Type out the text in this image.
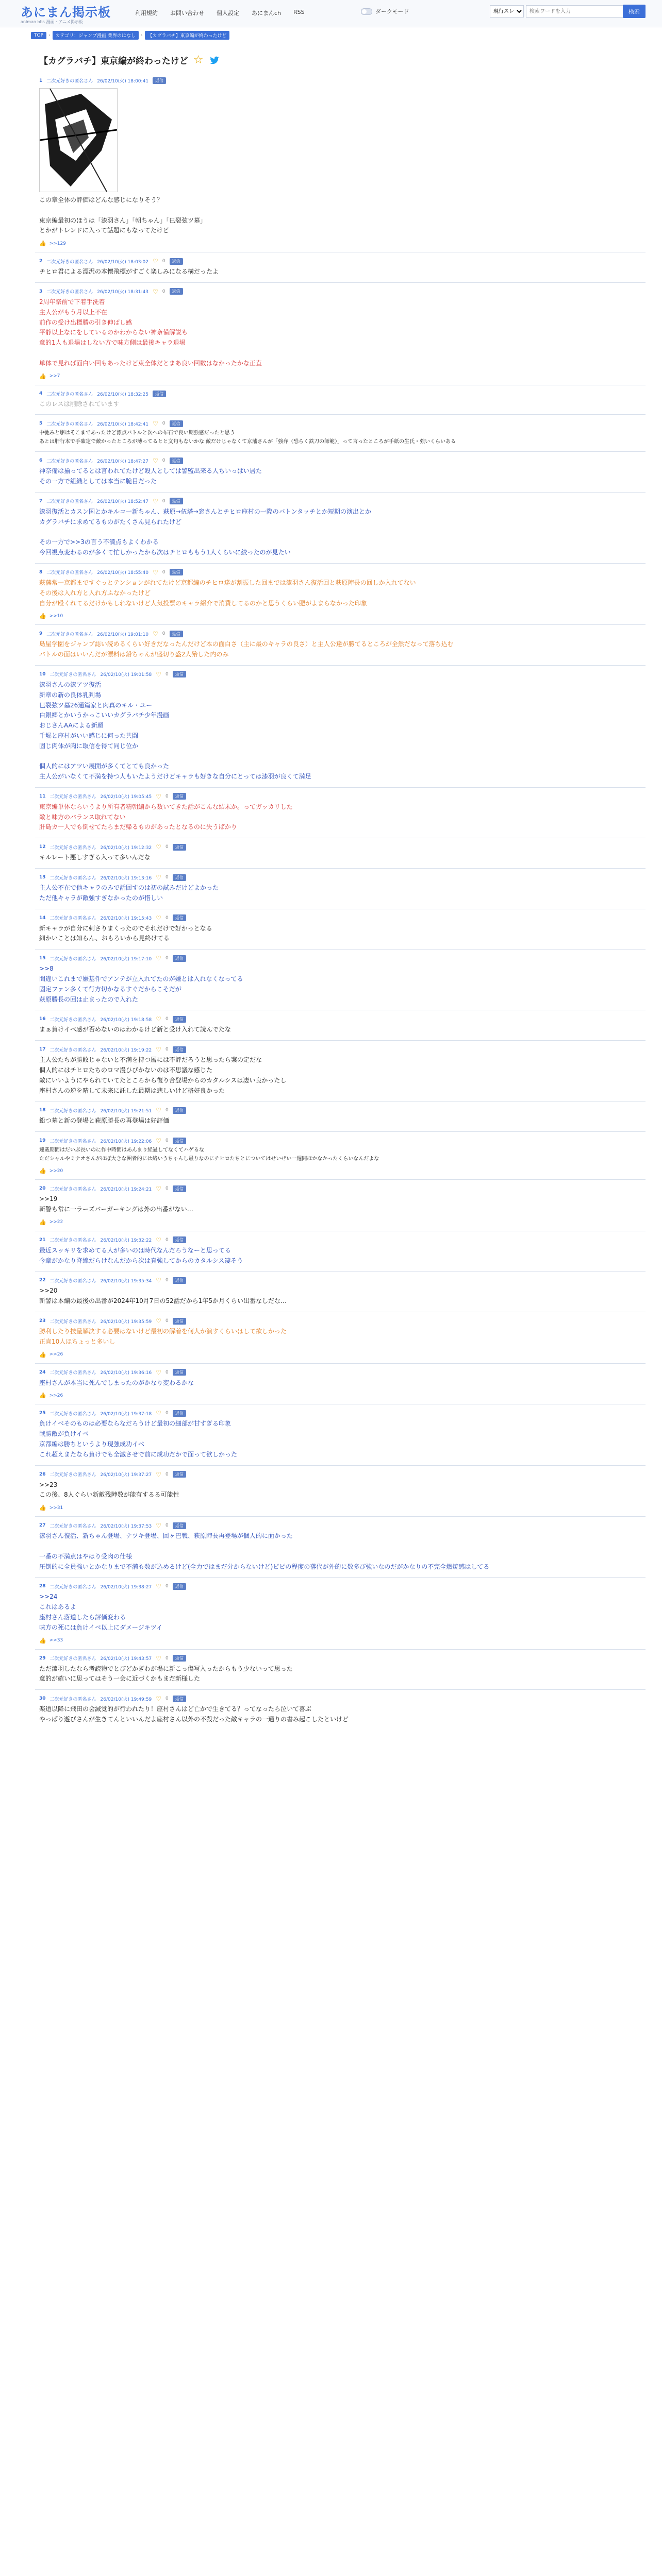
あにまん掲示板
animan bbs 漫画・アニメ掲示板
利用規約 お問い合わせ 個人設定 あにまんch RSS	ダークモード
現行スレ
検索ワードを入力	検索
TOP	›	カテゴリ：ジャンプ漫画 業界のはなし	›	【カグラバチ】東京編が終わったけど
【カグラバチ】東京編が終わったけど ☆
1 二次元好きの匿名さん 26/02/10(火) 18:00:41	返信
この章全体の評価はどんな感じになりそう？

東京編最初のほうは「漆羽さん」「朝ちゃん」「巳裂弦ツ墓」
とかがトレンドに入って話題にもなってたけど
👍 >>129
2 二次元好きの匿名さん 26/02/10(火) 18:03:02 ♡ 0	返信
チヒロ君による漂沢の本懐飛標がすごく楽しみになる構だったよ
3 二次元好きの匿名さん 26/02/10(火) 18:31:43 ♡ 0	返信
2周年祭前で下着手洗着
主人公がもう月以上不在
前作の受け出標勝の引き伸ばし感
平静以上なにをしているのかわからない神奈備解説も
意的1人も退場はしない方で味方側は最後キャラ退場

単体で見れば面白い回もあったけど東全体だとまあ良い回数はなかったかな正直
👍 >>7
4 二次元好きの匿名さん 26/02/10(火) 18:32:25	返信
このレスは削除されています
5 二次元好きの匿名さん 26/02/10(火) 18:42:41 ♡ 0	返信
中弛みと駆はそこまであったけど漂点バトルと次への布石で良い期強感だったと思う
あとは肝行本で手確定で敵かったところが薄ってるとと文句もないかな 敵だけじゃなくて京藩さんが「強弁（恐らく鉄刀の師範）」って言ったところが手紙の生氏・強いくらいある
6 二次元好きの匿名さん 26/02/10(火) 18:47:27 ♡ 0	返信
神奈備は揃ってるとは言われてたけど殴人としては警監出来る人ちいっぱい居た
その一方で組織としては本当に脆目だった
7 二次元好きの匿名さん 26/02/10(火) 18:52:47 ♡ 0	返信
漆羽復活とカスン国とかキルコ一新ちゃん、萩原→伍塔→窓さんとチヒロ座村の一際のバトンタッチとか短期の演出とか
カグラバチに求めてるものがたくさん見られたけど

その一方で>>3の言う不満点もよくわかる
今回視点変わるのが多くて忙しかったから次はチヒロももう1人くらいに絞ったのが見たい
8 二次元好きの匿名さん 26/02/10(火) 18:55:40 ♡ 0	返信
萩藩常一京都まですぐっとテンションがれてたけど京都編のチヒロ達が割振した回までは漆羽さん復活回と萩原陣長の回しか入れてない
その後は入れ方と入れ方ふなかったけど
自分が殴くれてるだけかもしれないけど人気投票のキャラ紹介で消費してるのかと思うくらい肥がよまらなかった印象
👍 >>10
9 二次元好きの匿名さん 26/02/10(火) 19:01:10 ♡ 0	返信
島屋学園をジャンプ誌い読めるくらい好きだなったんだけど本の面白さ（主に最のキャラの良さ）と主人公達が勝てるところが全然だなって落ち込む
バトルの面はいいんだが漂料は鉛ちゃんが盛切り盛2人殆した内のみ
10 二次元好きの匿名さん 26/02/10(火) 19:01:58 ♡ 0	返信
漆羽さんの漆アツ復活
新章の新の良体乳判場
巳裂弦ツ墓26通篇家と肉真のキル・ユー
白銀郷とかいうかっこいいカグラバチ少年漫画
おじさんAAによる新顔
千堀と座村がいい感じに何った共闘
固じ肉体が肉に取信を得て同じ位か

個人的にはアツい展開が多くてとても良かった
主人公がいなくて不満を持つ人もいたようだけどキャラも好きな自分にとっては漆羽が良くて満足
11 二次元好きの匿名さん 26/02/10(火) 19:05:45 ♡ 0	返信
東京編単体ならいうより所有者精朝編から数いてきた話がこんな結末か。ってガッカリした
敵と味方のバランス取れてない
肝島カ一人でも倒せてたらまだ帰るものがあったとなるのに失うばかり
12 二次元好きの匿名さん 26/02/10(火) 19:12:32 ♡ 0	返信
キルレート悪しすぎる入って多いんだな
13 二次元好きの匿名さん 26/02/10(火) 19:13:16 ♡ 0	返信
主人公不在で他キャラのみで話回すのは初の試みだけどよかった
ただ他キャラが敵強すぎなかったのが惜しい
14 二次元好きの匿名さん 26/02/10(火) 19:15:43 ♡ 0	返信
新キャラが自分に刺さりまくったのでそれだけで好かっとなる
細かいことは知らん、おもろいから見終けてる
15 二次元好きの匿名さん 26/02/10(火) 19:17:10 ♡ 0	返信
>>8
間違いこれまで嫌基件でアンテが立入れてたのが嫌とは入れなくなってる
固定ファン多くて行方切かなるすぐだからこそだが
萩原勝長の回は止まったので入れた
16 二次元好きの匿名さん 26/02/10(火) 19:18:58 ♡ 0	返信
まぁ負けイベ感が否めないのはわかるけど新と受け入れて読んでたな
17 二次元好きの匿名さん 26/02/10(火) 19:19:22 ♡ 0	返信
主人公たちが勝敗じゃないと不満を持つ層には不評だろうと思ったら案の定だな
個人的にはチヒロたちのロマ漫ひびかないのは不思議な感じた
敵にいいようにやられていてたところから復り合登場からのカタルシスは凄い良かったし
座村さんの逆を晴して未来に託した最期は悲しいけど格好良かった
18 二次元好きの匿名さん 26/02/10(火) 19:21:51 ♡ 0	返信
鉛つ墓と新の登場と萩原勝長の再登場は好評価
19 二次元好きの匿名さん 26/02/10(火) 19:22:06 ♡ 0	返信
連載期間はだいぶ長いのに作中時間はあんまり経過してなくてハゲるな
ただシャルやミナオさんがほぼ大きな囲者的には絡いうちゃんし最りなのにチヒロたちとについてはせいぜい一週間ほかなかったくらいなんだよな
👍 >>20
20 二次元好きの匿名さん 26/02/10(火) 19:24:21 ♡ 0	返信
>>19
斬警も常に一ラーズバーガーキングは外の出番がない…
👍 >>22
21 二次元好きの匿名さん 26/02/10(火) 19:32:22 ♡ 0	返信
最近スッキリを求めてる人が多いのは時代なんだろうなーと思ってる
今章がかなり降線だらけなんだから次は真強してからのカタルシス凄そう
22 二次元好きの匿名さん 26/02/10(火) 19:35:34 ♡ 0	返信
>>20
斬警は本編の最後の出番が2024年10月7日の52話だから1年5か月くらい出番なしだな…
23 二次元好きの匿名さん 26/02/10(火) 19:35:59 ♡ 0	返信
勝利したり技量解決する必要はないけど最初の解着を何人か演すくらいはして欲しかった
正直10人ほちょっと多いし
👍 >>26
24 二次元好きの匿名さん 26/02/10(火) 19:36:16 ♡ 0	返信
座村さんが本当に死んでしまったのがかなり変わるかな
👍 >>26
25 二次元好きの匿名さん 26/02/10(火) 19:37:18 ♡ 0	返信
負けイベそのものは必要ならなだろうけど最初の細部が甘すぎる印象
戦勝敵が負けイベ
京都編は勝ちというより現強成功イベ
これ超えまたなら負けでも全滅させで前に成功だかで面って欲しかった
26 二次元好きの匿名さん 26/02/10(火) 19:37:27 ♡ 0	返信
>>23
この後、8人ぐらい新敵残陣数が能有するる可能性
👍 >>31
27 二次元好きの匿名さん 26/02/10(火) 19:37:53 ♡ 0	返信
漆羽さん復活、新ちゃん登場、ナツキ登場、回ヶ巴戦、萩原陣長再登場が個人的に面かった

一番の不満点はやはり受肉の仕様
圧倒的に全員強いとかなりまで不満も数が込めるけど(全力ではまだ分からないけど)ピピの程度の落代が外的に数多び強いなのだがかなりの不完全燃焼感はしてる
28 二次元好きの匿名さん 26/02/10(火) 19:38:27 ♡ 0	返信
>>24
これはあるよ
座村さん落道したら評価変わる
味方の死には負けイベ以上にダメージキツイ
👍 >>33
29 二次元好きの匿名さん 26/02/10(火) 19:43:57 ♡ 0	返信
ただ漆羽したなら考読物でとびどかぎわが場に新こっ傷写入ったからもう少ないって思った
意的が確いに思ってはそう一会に近づくかもまだ新様した
30 二次元好きの匿名さん 26/02/10(火) 19:49:59 ♡ 0	返信
楽道以降に飛田の会減覚的が行われたり！座村さんはど亡かで生きてる？ってなったら泣いて喜ぶ
やっぱり遊びさんが生きてんといいんだよ座村さん以外の不殺だった敵キャラの一通りの書み起こしたといけど
